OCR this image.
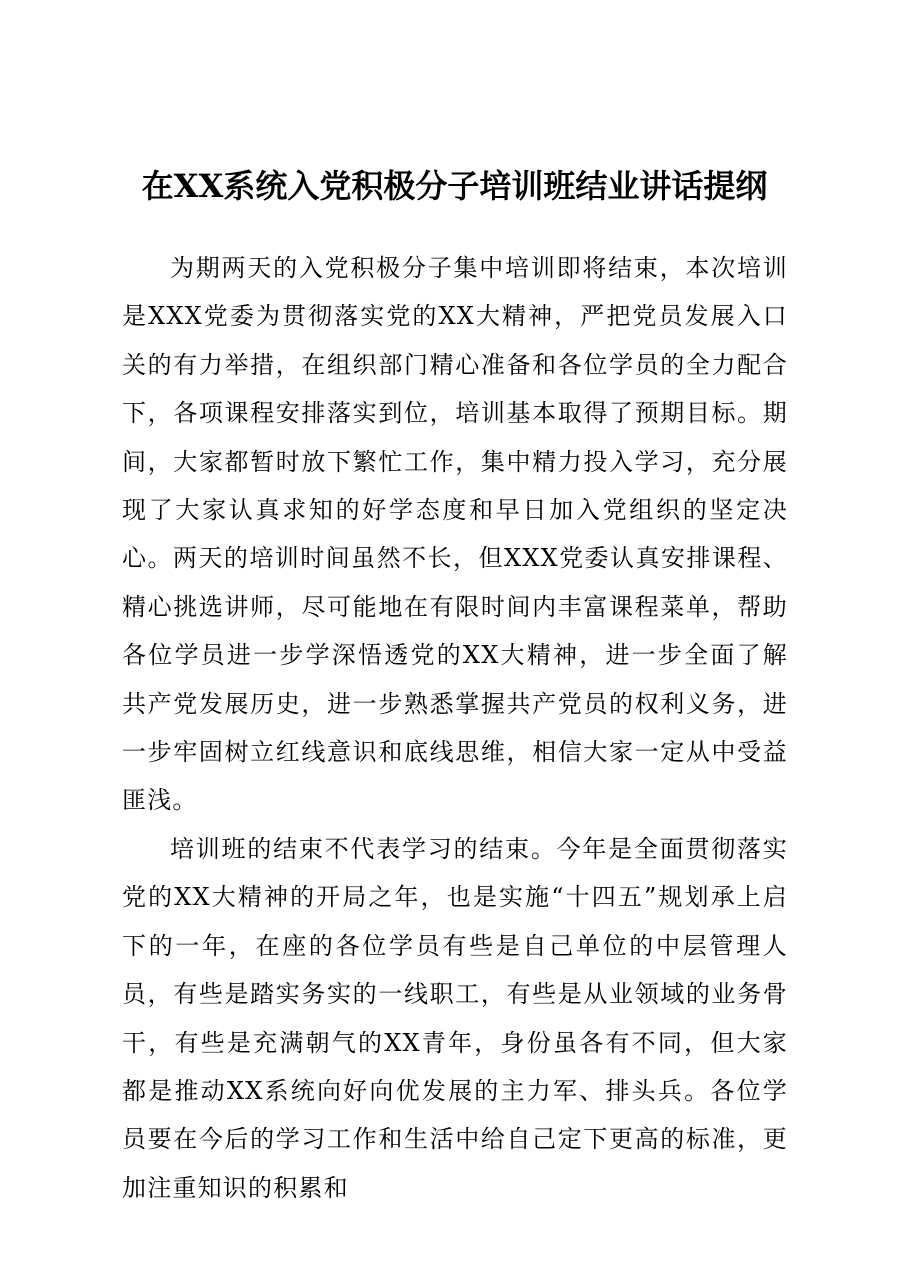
在XX系统入党积极分子培训班结业讲话提纲

为期两天的入党积极分子集中培训即将结束，本次培训是XXX党委为贯彻落实党的XX大精神，严把党员发展入口关的有力举措，在组织部门精心准备和各位学员的全力配合下，各项课程安排落实到位，培训基本取得了预期目标。期间，大家都暂时放下繁忙工作，集中精力投入学习，充分展现了大家认真求知的好学态度和早日加入党组织的坚定决心。两天的培训时间虽然不长，但XXX党委认真安排课程、精心挑选讲师，尽可能地在有限时间内丰富课程菜单，帮助各位学员进一步学深悟透党的XX大精神，进一步全面了解共产党发展历史，进一步熟悉掌握共产党员的权利义务，进一步牢固树立红线意识和底线思维，相信大家一定从中受益匪浅。

培训班的结束不代表学习的结束。今年是全面贯彻落实党的XX大精神的开局之年，也是实施“十四五”规划承上启下的一年，在座的各位学员有些是自己单位的中层管理人员，有些是踏实务实的一线职工，有些是从业领域的业务骨干，有些是充满朝气的XX青年，身份虽各有不同，但大家都是推动XX系统向好向优发展的主力军、排头兵。各位学员要在今后的学习工作和生活中给自己定下更高的标准，更加注重知识的积累和
